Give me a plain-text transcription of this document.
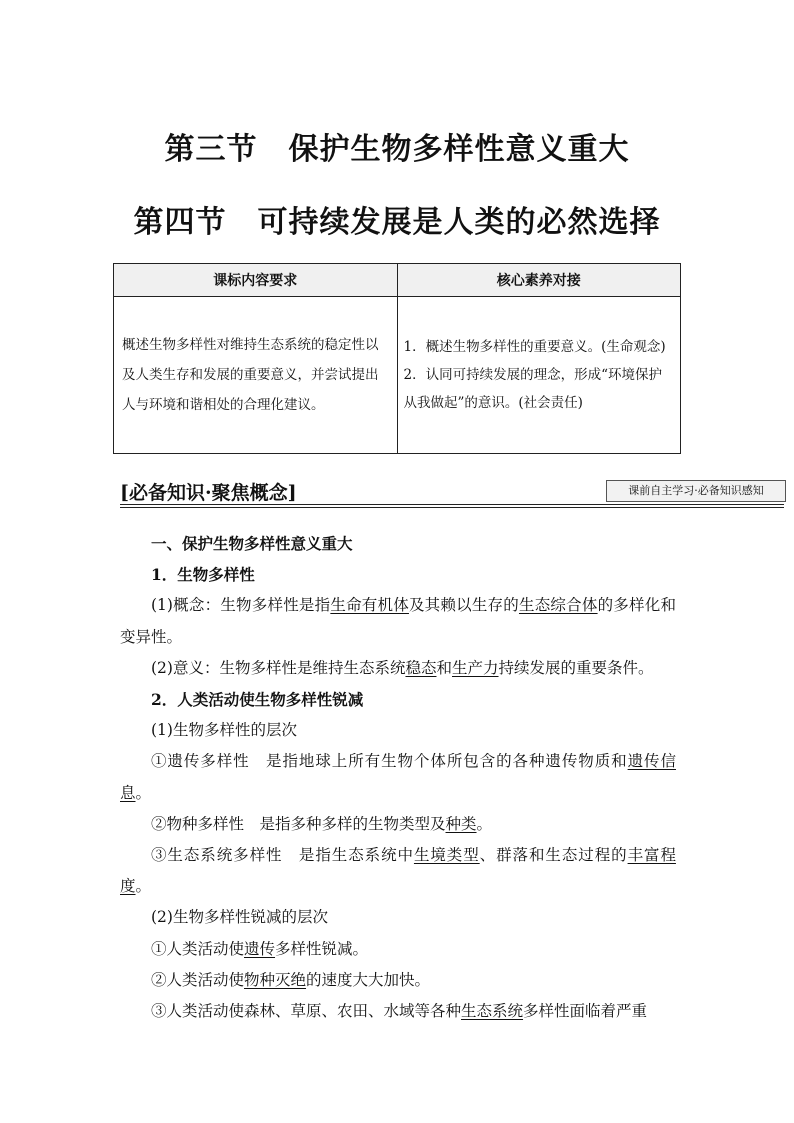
第三节　保护生物多样性意义重大
第四节　可持续发展是人类的必然选择
课标内容要求	核心素养对接
概述生物多样性对维持生态系统的稳定性以及人类生存和发展的重要意义，并尝试提出人与环境和谐相处的合理化建议。	1．概述生物多样性的重要意义。(生命观念)
2．认同可持续发展的理念，形成“环境保护从我做起”的意识。(社会责任)
[必备知识·聚焦概念]	课前自主学习·必备知识感知

一、保护生物多样性意义重大

1．生物多样性

(1)概念：生物多样性是指生命有机体及其赖以生存的生态综合体的多样化和变异性。

(2)意义：生物多样性是维持生态系统稳态和生产力持续发展的重要条件。

2．人类活动使生物多样性锐减

(1)生物多样性的层次

①遗传多样性　是指地球上所有生物个体所包含的各种遗传物质和遗传信息。

②物种多样性　是指多种多样的生物类型及种类。

③生态系统多样性　是指生态系统中生境类型、群落和生态过程的丰富程度。

(2)生物多样性锐减的层次

①人类活动使遗传多样性锐减。

②人类活动使物种灭绝的速度大大加快。

③人类活动使森林、草原、农田、水域等各种生态系统多样性面临着严重
